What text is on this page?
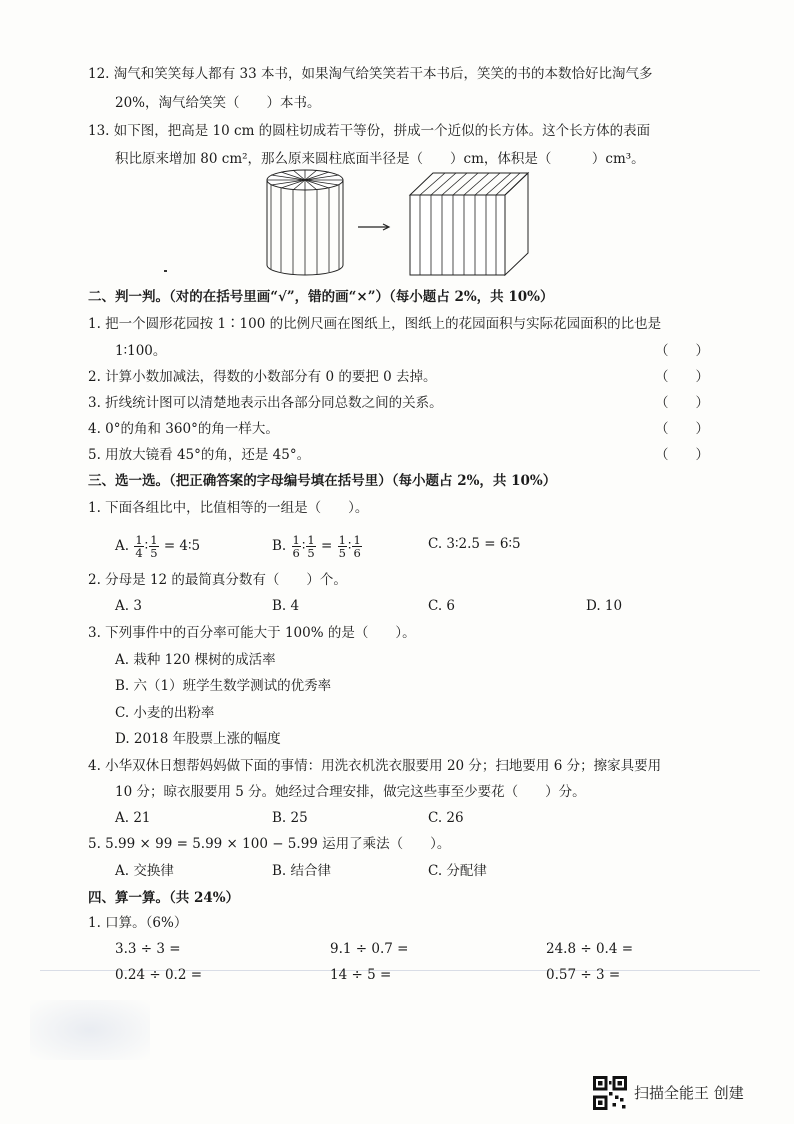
12. 淘气和笑笑每人都有 33 本书，如果淘气给笑笑若干本书后，笑笑的书的本数恰好比淘气多
20%，淘气给笑笑（　　）本书。
13. 如下图，把高是 10 cm 的圆柱切成若干等份，拼成一个近似的长方体。这个长方体的表面
积比原来增加 80 cm²，那么原来圆柱底面半径是（　　）cm，体积是（　　　）cm³。
二、判一判。（对的在括号里画“√”，错的画“×”）（每小题占 2%，共 10%）
1. 把一个圆形花园按 1∶100 的比例尺画在图纸上，图纸上的花园面积与实际花园面积的比也是
1∶100。	（　　）
2. 计算小数加减法，得数的小数部分有 0 的要把 0 去掉。	（　　）
3. 折线统计图可以清楚地表示出各部分同总数之间的关系。	（　　）
4. 0°的角和 360°的角一样大。	（　　）
5. 用放大镜看 45°的角，还是 45°。	（　　）
三、选一选。（把正确答案的字母编号填在括号里）（每小题占 2%，共 10%）
1. 下面各组比中，比值相等的一组是（　　）。
A. $\frac{1}{4}$ ∶ $\frac{1}{5}$ = 4∶5	B. $\frac{1}{6}$ ∶ $\frac{1}{5} = \frac{1}{5}$ ∶ $\frac{1}{6}$	C. 3∶2.5 = 6∶5
2. 分母是 12 的最简真分数有（　　）个。
A. 3	B. 4	C. 6	D. 10
3. 下列事件中的百分率可能大于 100% 的是（　　）。
A. 栽种 120 棵树的成活率
B. 六（1）班学生数学测试的优秀率
C. 小麦的出粉率
D. 2018 年股票上涨的幅度
4. 小华双休日想帮妈妈做下面的事情：用洗衣机洗衣服要用 20 分；扫地要用 6 分；擦家具要用
10 分；晾衣服要用 5 分。她经过合理安排，做完这些事至少要花（　　）分。
A. 21	B. 25	C. 26
5. 5.99 × 99 = 5.99 × 100 − 5.99 运用了乘法（　　）。
A. 交换律	B. 结合律	C. 分配律
四、算一算。（共 24%）
1. 口算。（6%）
3.3 ÷ 3 =	9.1 ÷ 0.7 =	24.8 ÷ 0.4 =
0.24 ÷ 0.2 =	14 ÷ 5 =	0.57 ÷ 3 =
扫描全能王 创建
